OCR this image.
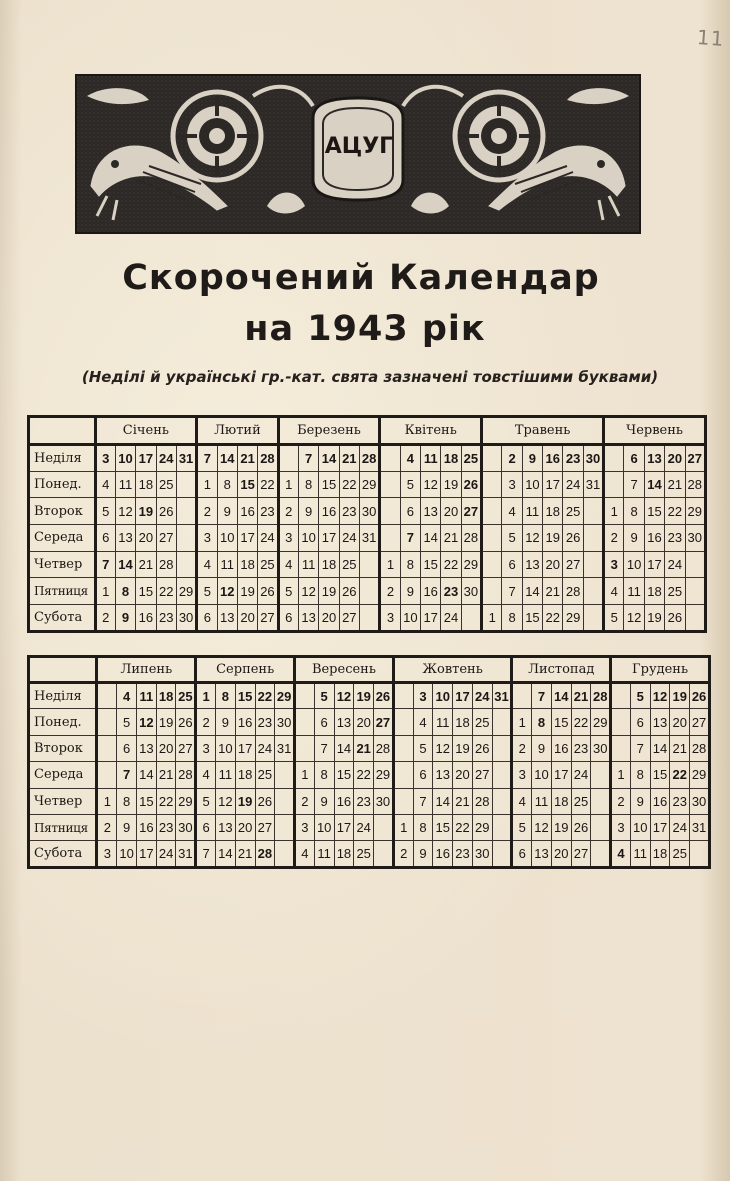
11
АЦУГ
Скорочений Календар
на 1943 рік
(Неділі й українські гр.-кат. свята зазначені товстішими буквами)
	Січень					Лютий				Березень					Квітень					Травень						Червень				
Неділя	3	10	17	24	31	7	14	21	28		7	14	21	28		4	11	18	25		2	9	16	23	30		6	13	20	27
Понед.	4	11	18	25		1	8	15	22	1	8	15	22	29		5	12	19	26		3	10	17	24	31		7	14	21	28
Второк	5	12	19	26		2	9	16	23	2	9	16	23	30		6	13	20	27		4	11	18	25		1	8	15	22	29
Середа	6	13	20	27		3	10	17	24	3	10	17	24	31		7	14	21	28		5	12	19	26		2	9	16	23	30
Четвер	7	14	21	28		4	11	18	25	4	11	18	25		1	8	15	22	29		6	13	20	27		3	10	17	24	
Пятниця	1	8	15	22	29	5	12	19	26	5	12	19	26		2	9	16	23	30		7	14	21	28		4	11	18	25	
Субота	2	9	16	23	30	6	13	20	27	6	13	20	27		3	10	17	24		1	8	15	22	29		5	12	19	26	
	Липень					Серпень					Вересень					Жовтень						Листопад					Грудень				
Неділя		4	11	18	25	1	8	15	22	29		5	12	19	26		3	10	17	24	31		7	14	21	28		5	12	19	26
Понед.		5	12	19	26	2	9	16	23	30		6	13	20	27		4	11	18	25		1	8	15	22	29		6	13	20	27
Второк		6	13	20	27	3	10	17	24	31		7	14	21	28		5	12	19	26		2	9	16	23	30		7	14	21	28
Середа		7	14	21	28	4	11	18	25		1	8	15	22	29		6	13	20	27		3	10	17	24		1	8	15	22	29
Четвер	1	8	15	22	29	5	12	19	26		2	9	16	23	30		7	14	21	28		4	11	18	25		2	9	16	23	30
Пятниця	2	9	16	23	30	6	13	20	27		3	10	17	24		1	8	15	22	29		5	12	19	26		3	10	17	24	31
Субота	3	10	17	24	31	7	14	21	28		4	11	18	25		2	9	16	23	30		6	13	20	27		4	11	18	25	
